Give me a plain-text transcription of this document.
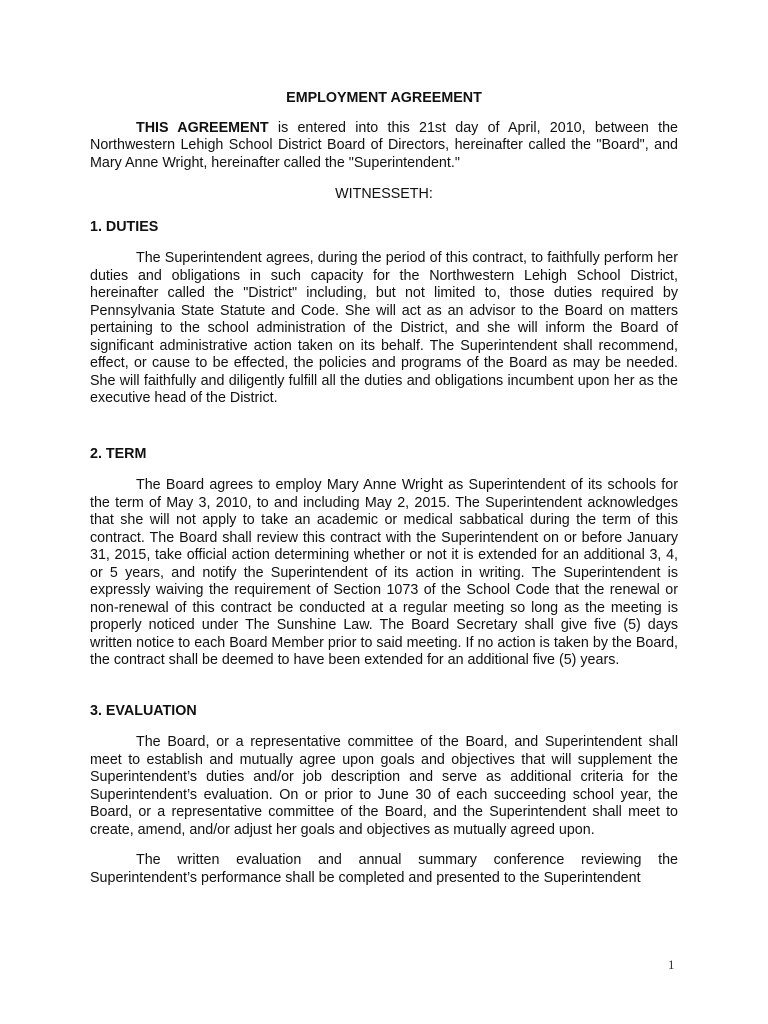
EMPLOYMENT AGREEMENT

THIS AGREEMENT is entered into this 21st day of April, 2010, between the Northwestern Lehigh School District Board of Directors, hereinafter called the "Board", and Mary Anne Wright, hereinafter called the "Superintendent."

WITNESSETH:

1. DUTIES

The Superintendent agrees, during the period of this contract, to faithfully perform her duties and obligations in such capacity for the Northwestern Lehigh School District, hereinafter called the "District" including, but not limited to, those duties required by Pennsylvania State Statute and Code. She will act as an advisor to the Board on matters pertaining to the school administration of the District, and she will inform the Board of significant administrative action taken on its behalf. The Superintendent shall recommend, effect, or cause to be effected, the policies and programs of the Board as may be needed. She will faithfully and diligently fulfill all the duties and obligations incumbent upon her as the executive head of the District.

2. TERM

The Board agrees to employ Mary Anne Wright as Superintendent of its schools for the term of May 3, 2010, to and including May 2, 2015. The Superintendent acknowledges that she will not apply to take an academic or medical sabbatical during the term of this contract. The Board shall review this contract with the Superintendent on or before January 31, 2015, take official action determining whether or not it is extended for an additional 3, 4, or 5 years, and notify the Superintendent of its action in writing. The Superintendent is expressly waiving the requirement of Section 1073 of the School Code that the renewal or non-renewal of this contract be conducted at a regular meeting so long as the meeting is properly noticed under The Sunshine Law. The Board Secretary shall give five (5) days written notice to each Board Member prior to said meeting. If no action is taken by the Board, the contract shall be deemed to have been extended for an additional five (5) years.

3. EVALUATION

The Board, or a representative committee of the Board, and Superintendent shall meet to establish and mutually agree upon goals and objectives that will supplement the Superintendent’s duties and/or job description and serve as additional criteria for the Superintendent’s evaluation. On or prior to June 30 of each succeeding school year, the Board, or a representative committee of the Board, and the Superintendent shall meet to create, amend, and/or adjust her goals and objectives as mutually agreed upon.

The written evaluation and annual summary conference reviewing the Superintendent’s performance shall be completed and presented to the Superintendent

1
